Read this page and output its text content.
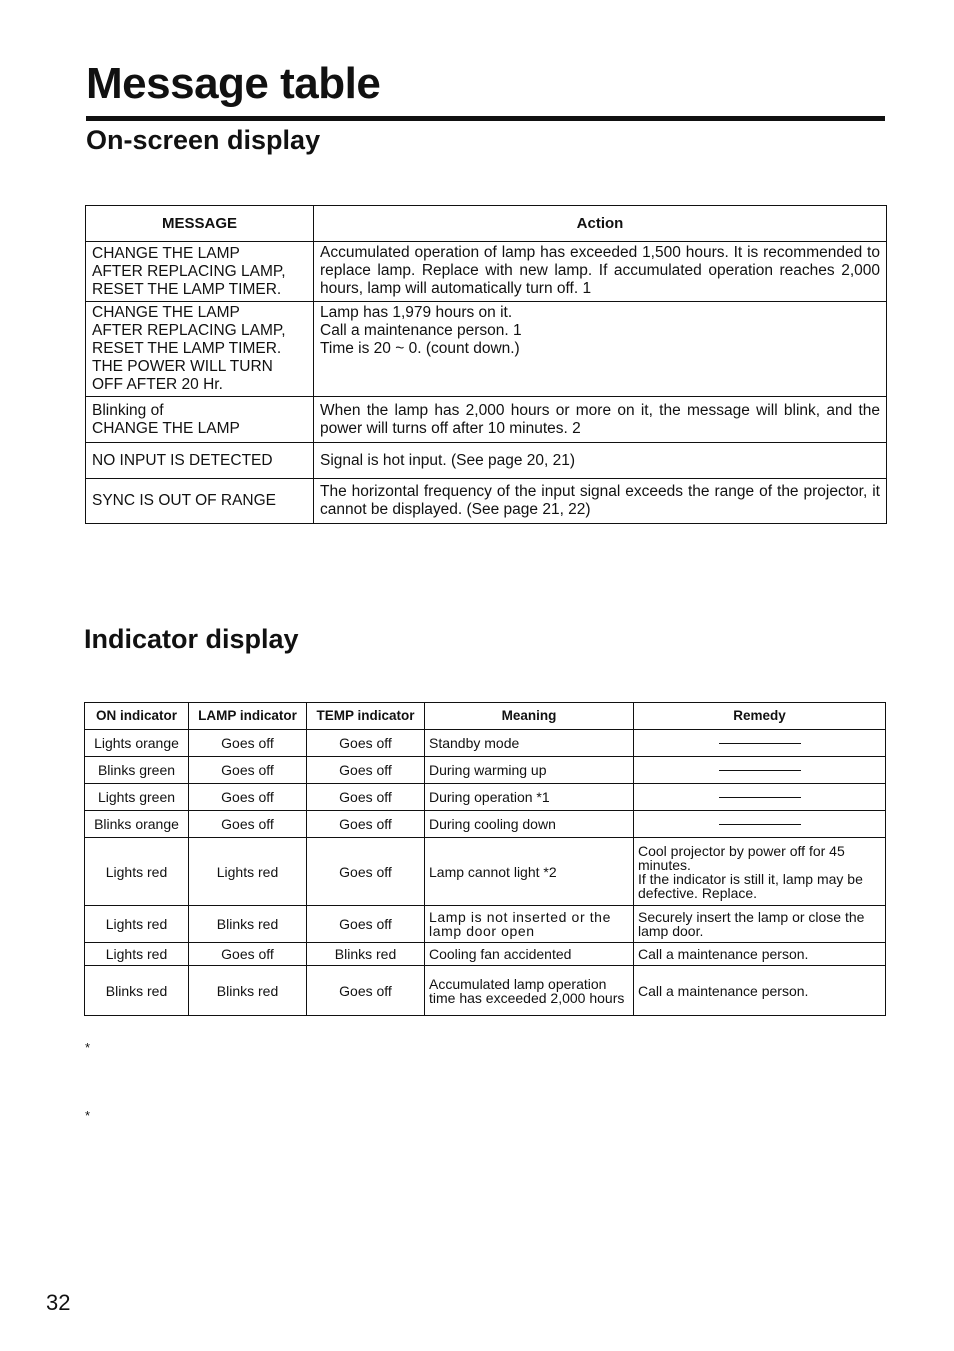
Message table
On-screen display
MESSAGE	Action

CHANGE THE LAMP
AFTER REPLACING LAMP,
RESET THE LAMP TIMER.	Accumulated operation of lamp has exceeded 1,500 hours. It is recommended to replace lamp. Replace with new lamp. If accumulated operation reaches 2,000 hours, lamp will automatically turn off. 1

CHANGE THE LAMP
AFTER REPLACING LAMP,
RESET THE LAMP TIMER.
THE POWER WILL TURN
OFF AFTER 20 Hr.	Lamp has 1,979 hours on it.
Call a maintenance person. 1
Time is 20 ~ 0. (count down.)

Blinking of
CHANGE THE LAMP	When the lamp has 2,000 hours or more on it, the message will blink, and the power will turns off after 10 minutes. 2

NO INPUT IS DETECTED	Signal is hot input. (See page 20, 21)

SYNC IS OUT OF RANGE	The horizontal frequency of the input signal exceeds the range of the projector, it cannot be displayed. (See page 21, 22)
Indicator display
ON indicator	LAMP indicator	TEMP indicator	Meaning	Remedy
Lights orange	Goes off	Goes off	Standby mode	

Blinks green	Goes off	Goes off	During warming up	

Lights green	Goes off	Goes off	During operation *1	

Blinks orange	Goes off	Goes off	During cooling down	

Lights red	Lights red	Goes off	Lamp cannot light *2	Cool projector by power off for 45 minutes.
If the indicator is still it, lamp may be defective. Replace.
Lights red	Blinks red	Goes off	Lamp is not inserted or the lamp door open	Securely insert the lamp or close the lamp door.
Lights red	Goes off	Blinks red	Cooling fan accidented	Call a maintenance person.
Blinks red	Blinks red	Goes off	Accumulated lamp operation time has exceeded 2,000 hours	Call a maintenance person.
*
*
32
